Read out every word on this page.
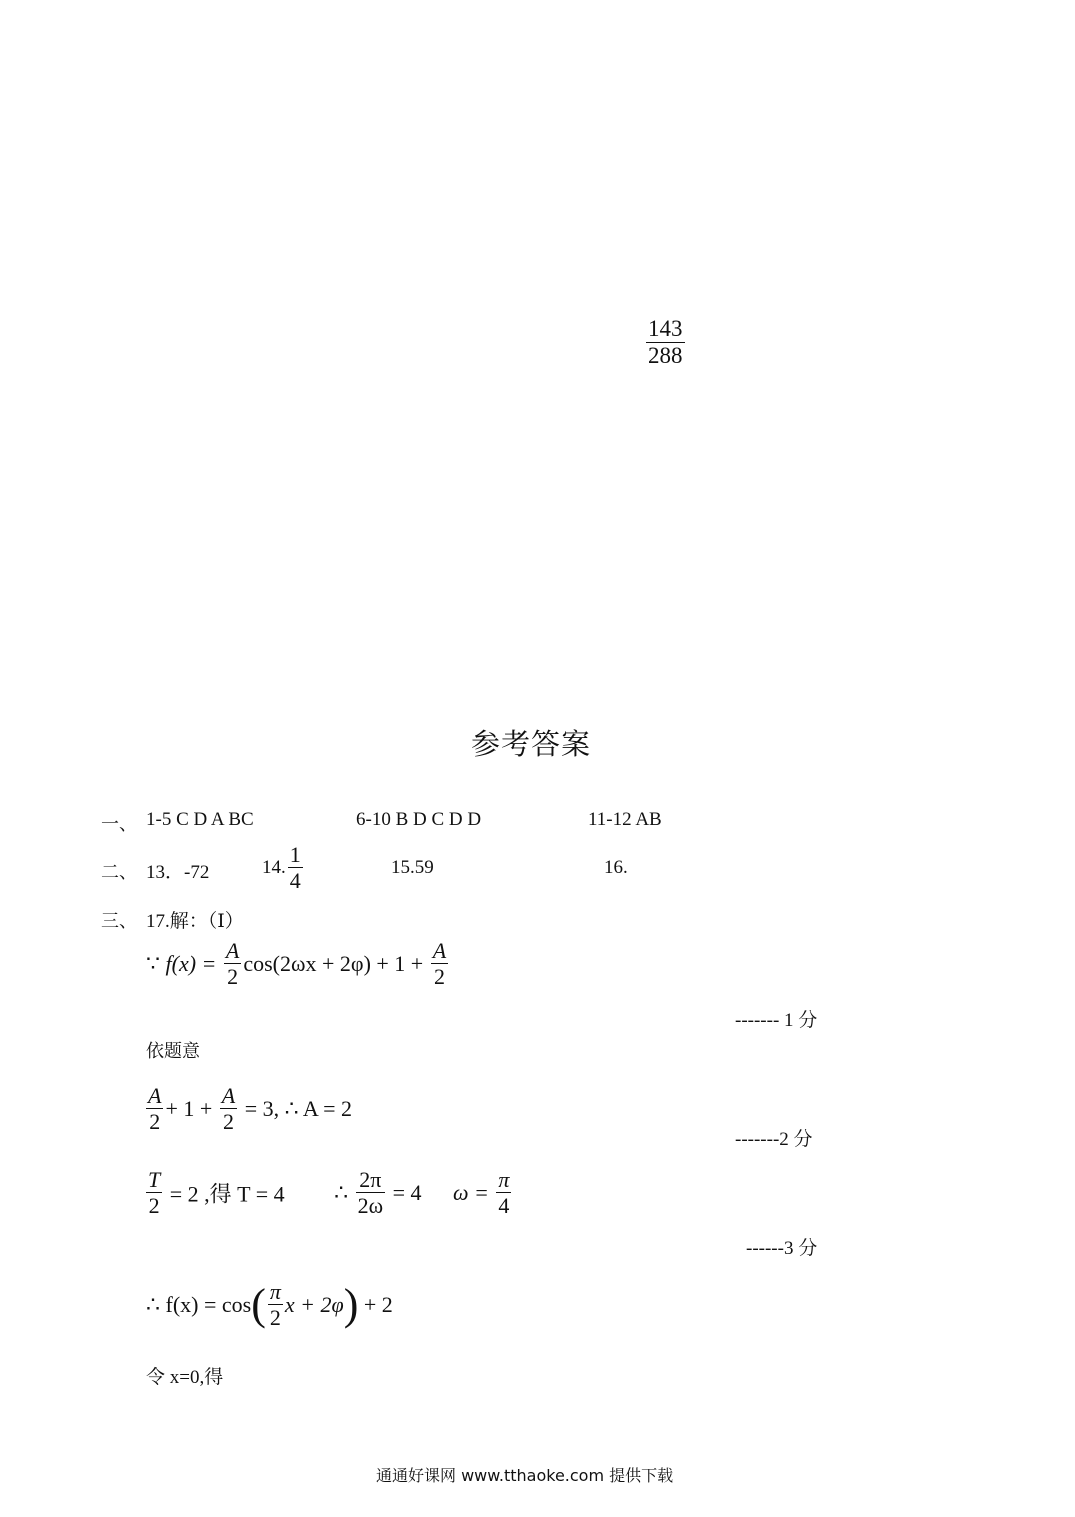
$\frac{143}{288}$
参考答案
一、 1-5 C D A BC	6-10 B D C D D	11-12 AB
二、 13．-72	14. $\frac{1}{4}$	15.59	16.
三、 17.解：（Ⅰ）
∵ $f(x) = \frac{A}{2} \cos(2\omega x + 2\varphi) + 1 + \frac{A}{2}$
------- 1 分
依题意
$\frac{A}{2} + 1 + \frac{A}{2} = 3$, ∴ A = 2
-------2 分
$\frac{T}{2} = 2$ ,得 T = 4 ∴ $\frac{2\pi}{2\omega} = 4$ $\omega = \frac{\pi}{4}$
------3 分
∴ $f(x) = \cos( \frac{\pi}{2}$ x + 2φ) + 2
令 x=0,得
通通好课网 www.tthaoke.com 提供下载
